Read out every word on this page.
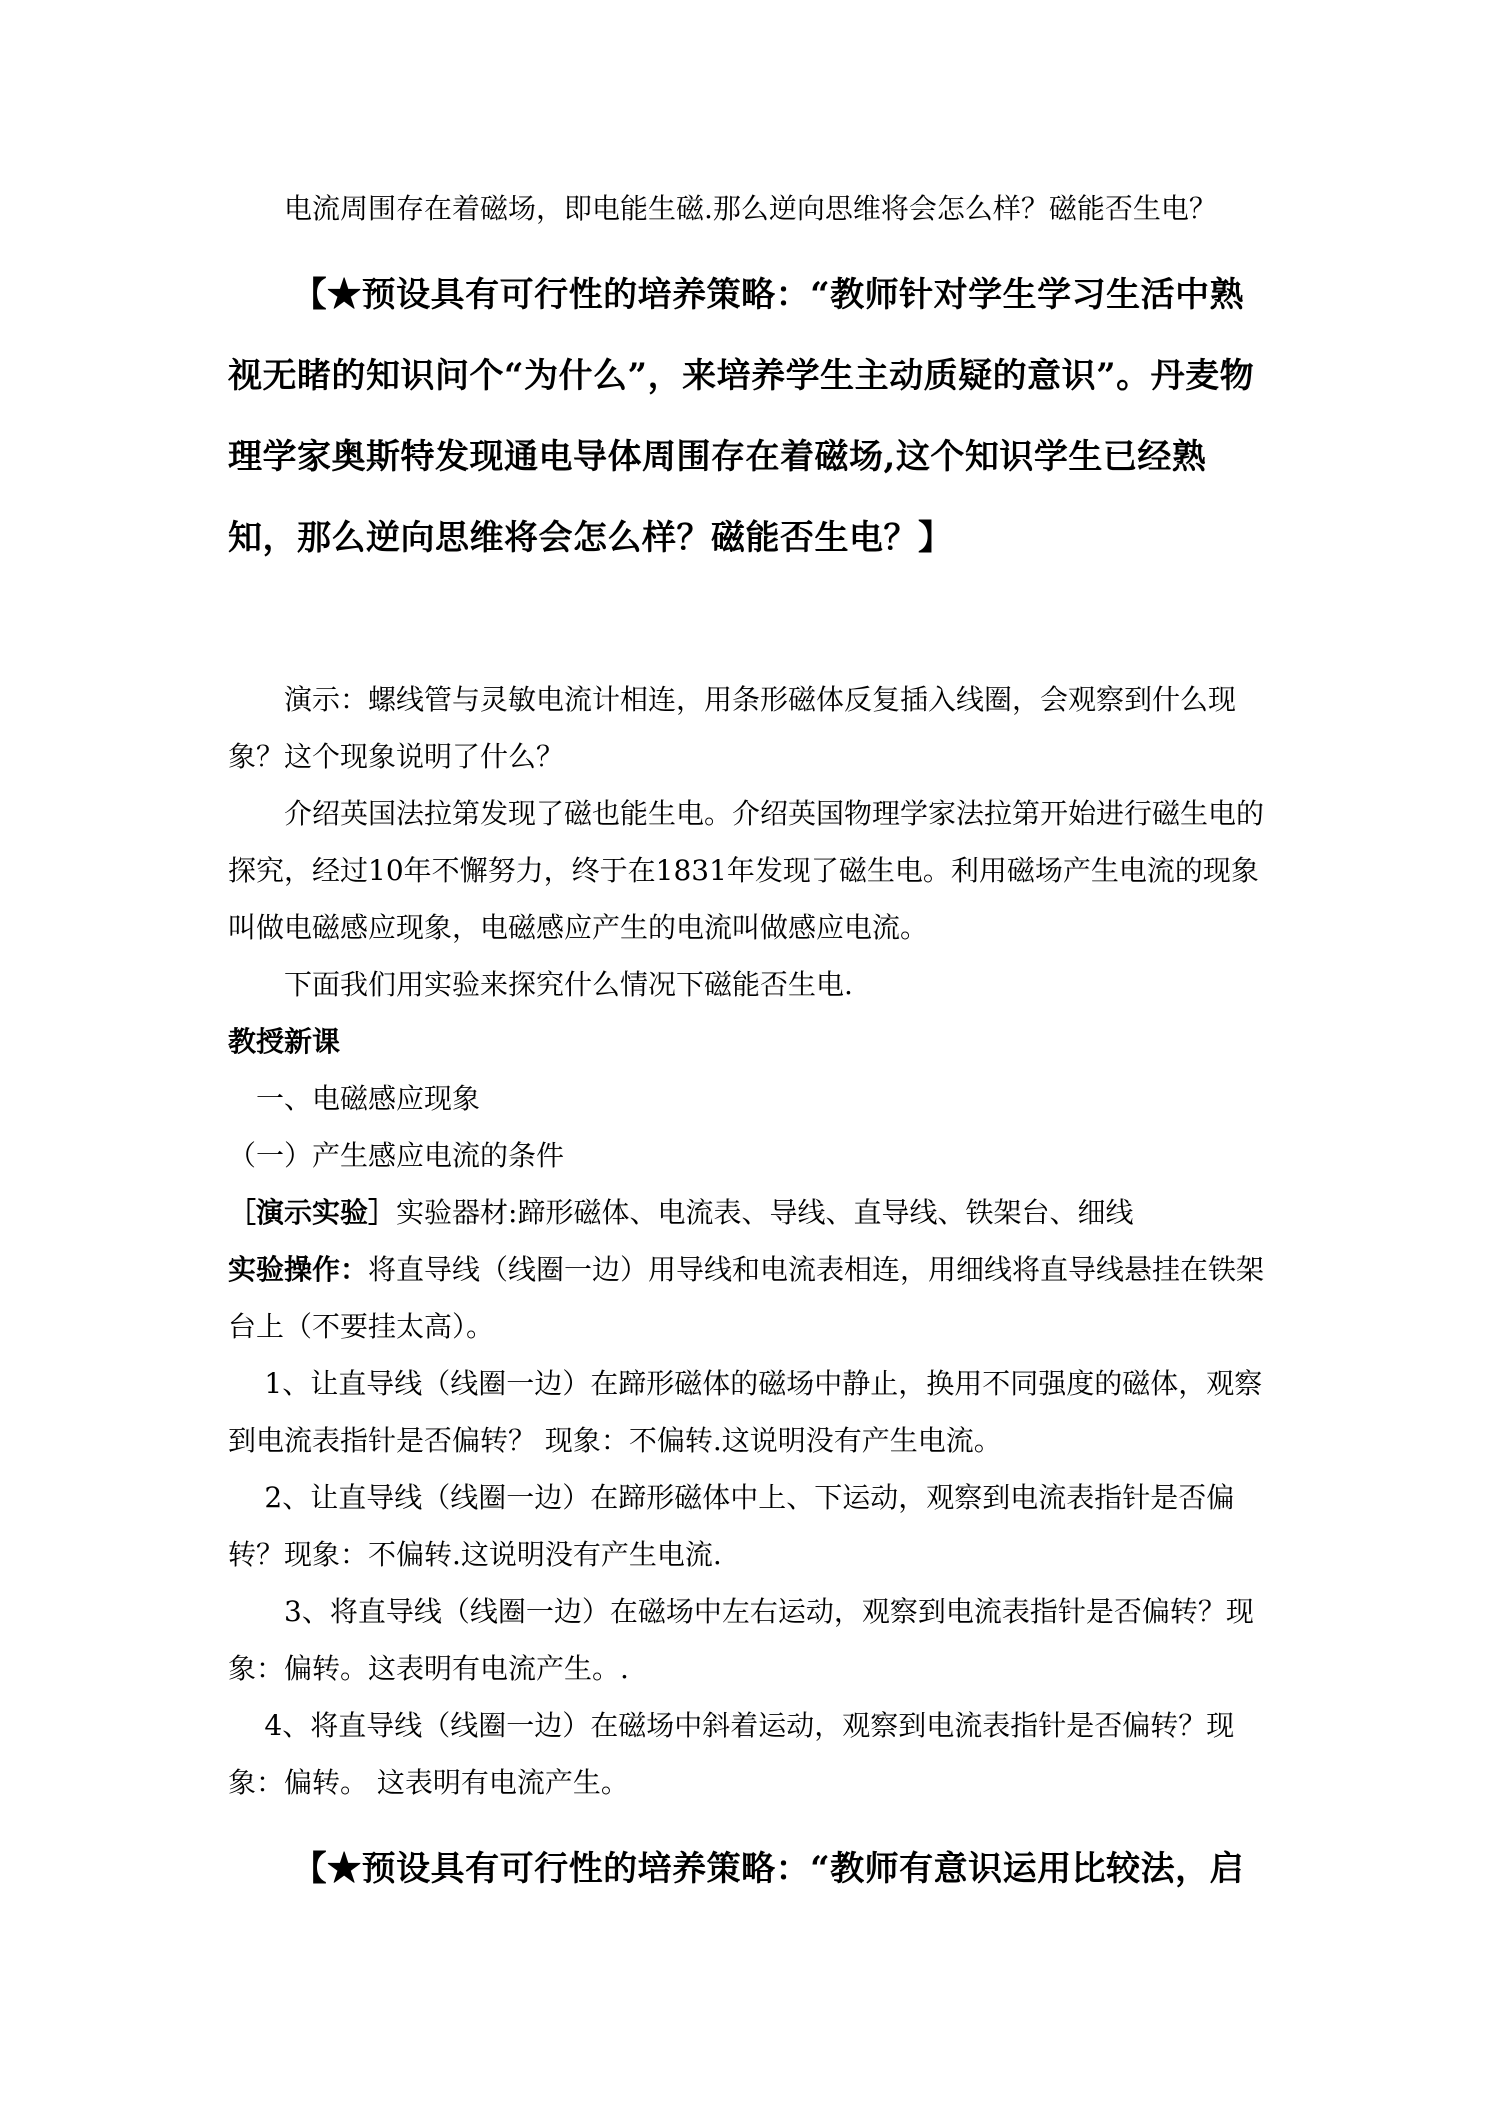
电流周围存在着磁场，即电能生磁.那么逆向思维将会怎么样？磁能否生电？

【★预设具有可行性的培养策略：“教师针对学生学习生活中熟视无睹的知识问个“为什么”，来培养学生主动质疑的意识”。丹麦物理学家奥斯特发现通电导体周围存在着磁场,这个知识学生已经熟知，那么逆向思维将会怎么样？磁能否生电？】

演示：螺线管与灵敏电流计相连，用条形磁体反复插入线圈，会观察到什么现象？这个现象说明了什么？

介绍英国法拉第发现了磁也能生电。介绍英国物理学家法拉第开始进行磁生电的探究，经过10年不懈努力，终于在1831年发现了磁生电。利用磁场产生电流的现象叫做电磁感应现象，电磁感应产生的电流叫做感应电流。

下面我们用实验来探究什么情况下磁能否生电.

教授新课

一、电磁感应现象

（一）产生感应电流的条件

［演示实验］实验器材:蹄形磁体、电流表、导线、直导线、铁架台、细线

实验操作：将直导线（线圈一边）用导线和电流表相连，用细线将直导线悬挂在铁架台上（不要挂太高）。

1、让直导线（线圈一边）在蹄形磁体的磁场中静止，换用不同强度的磁体，观察到电流表指针是否偏转？ 现象：不偏转.这说明没有产生电流。

2、让直导线（线圈一边）在蹄形磁体中上、下运动，观察到电流表指针是否偏转？现象：不偏转.这说明没有产生电流.

3、将直导线（线圈一边）在磁场中左右运动，观察到电流表指针是否偏转？现象：偏转。这表明有电流产生。.

4、将直导线（线圈一边）在磁场中斜着运动，观察到电流表指针是否偏转？现象：偏转。 这表明有电流产生。

【★预设具有可行性的培养策略：“教师有意识运用比较法，启
